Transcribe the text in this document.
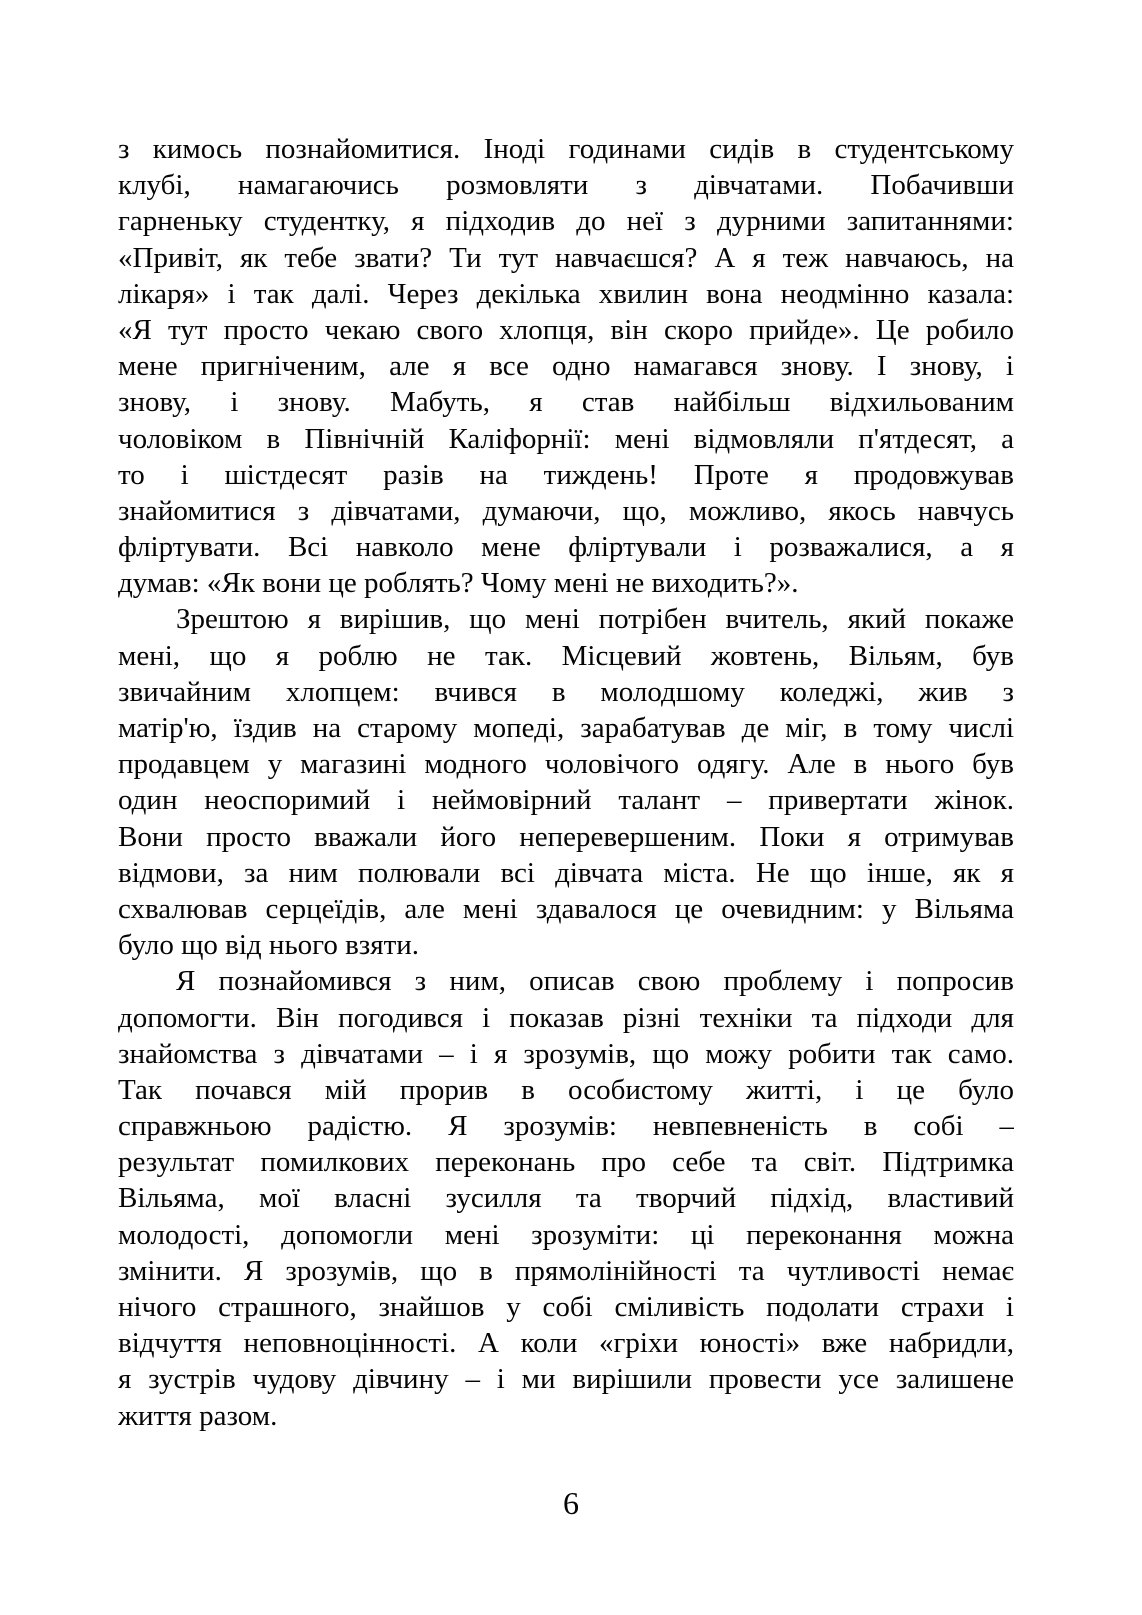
з кимось познайомитися. Іноді годинами сидів в студентському
клубі, намагаючись розмовляти з дівчатами. Побачивши
гарненьку студентку, я підходив до неї з дурними запитаннями:
«Привіт, як тебе звати? Ти тут навчаєшся? А я теж навчаюсь, на
лікаря» і так далі. Через декілька хвилин вона неодмінно казала:
«Я тут просто чекаю свого хлопця, він скоро прийде». Це робило
мене пригніченим, але я все одно намагався знову. І знову, і
знову, і знову. Мабуть, я став найбільш відхильованим
чоловіком в Північній Каліфорнії: мені відмовляли п'ятдесят, а
то і шістдесят разів на тиждень! Проте я продовжував
знайомитися з дівчатами, думаючи, що, можливо, якось навчусь
фліртувати. Всі навколо мене фліртували і розважалися, а я
думав: «Як вони це роблять? Чому мені не виходить?».
Зрештою я вирішив, що мені потрібен вчитель, який покаже
мені, що я роблю не так. Місцевий жовтень, Вільям, був
звичайним хлопцем: вчився в молодшому коледжі, жив з
матір'ю, їздив на старому мопеді, зарабатував де міг, в тому числі
продавцем у магазині модного чоловічого одягу. Але в нього був
один неоспоримий і неймовірний талант – привертати жінок.
Вони просто вважали його неперевершеним. Поки я отримував
відмови, за ним полювали всі дівчата міста. Не що інше, як я
схвалював серцеїдів, але мені здавалося це очевидним: у Вільяма
було що від нього взяти.
Я познайомився з ним, описав свою проблему і попросив
допомогти. Він погодився і показав різні техніки та підходи для
знайомства з дівчатами – і я зрозумів, що можу робити так само.
Так почався мій прорив в особистому житті, і це було
справжньою радістю. Я зрозумів: невпевненість в собі –
результат помилкових переконань про себе та світ. Підтримка
Вільяма, мої власні зусилля та творчий підхід, властивий
молодості, допомогли мені зрозуміти: ці переконання можна
змінити. Я зрозумів, що в прямолінійності та чутливості немає
нічого страшного, знайшов у собі сміливість подолати страхи і
відчуття неповноцінності. А коли «гріхи юності» вже набридли,
я зустрів чудову дівчину – і ми вирішили провести усе залишене
життя разом.
6
